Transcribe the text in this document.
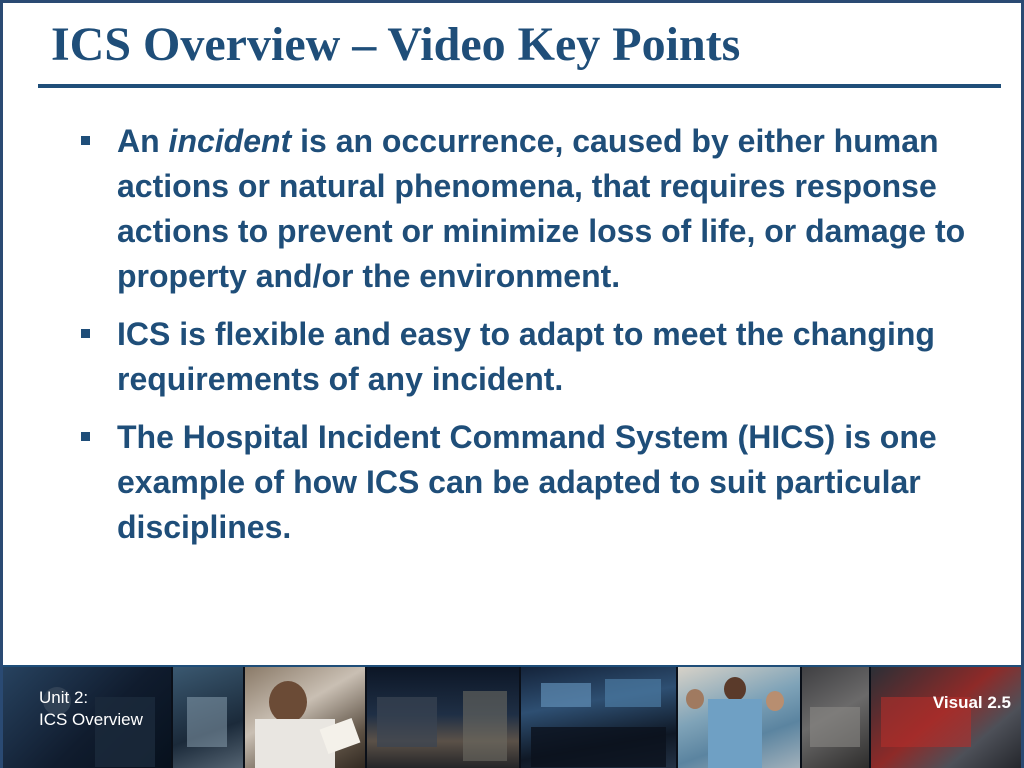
ICS Overview – Video Key Points
An incident is an occurrence, caused by either human actions or natural phenomena, that requires response actions to prevent or minimize loss of life, or damage to property and/or the environment.
ICS is flexible and easy to adapt to meet the changing requirements of any incident.
The Hospital Incident Command System (HICS) is one example of how ICS can be adapted to suit particular disciplines.
Unit 2:
ICS Overview
Visual 2.5
